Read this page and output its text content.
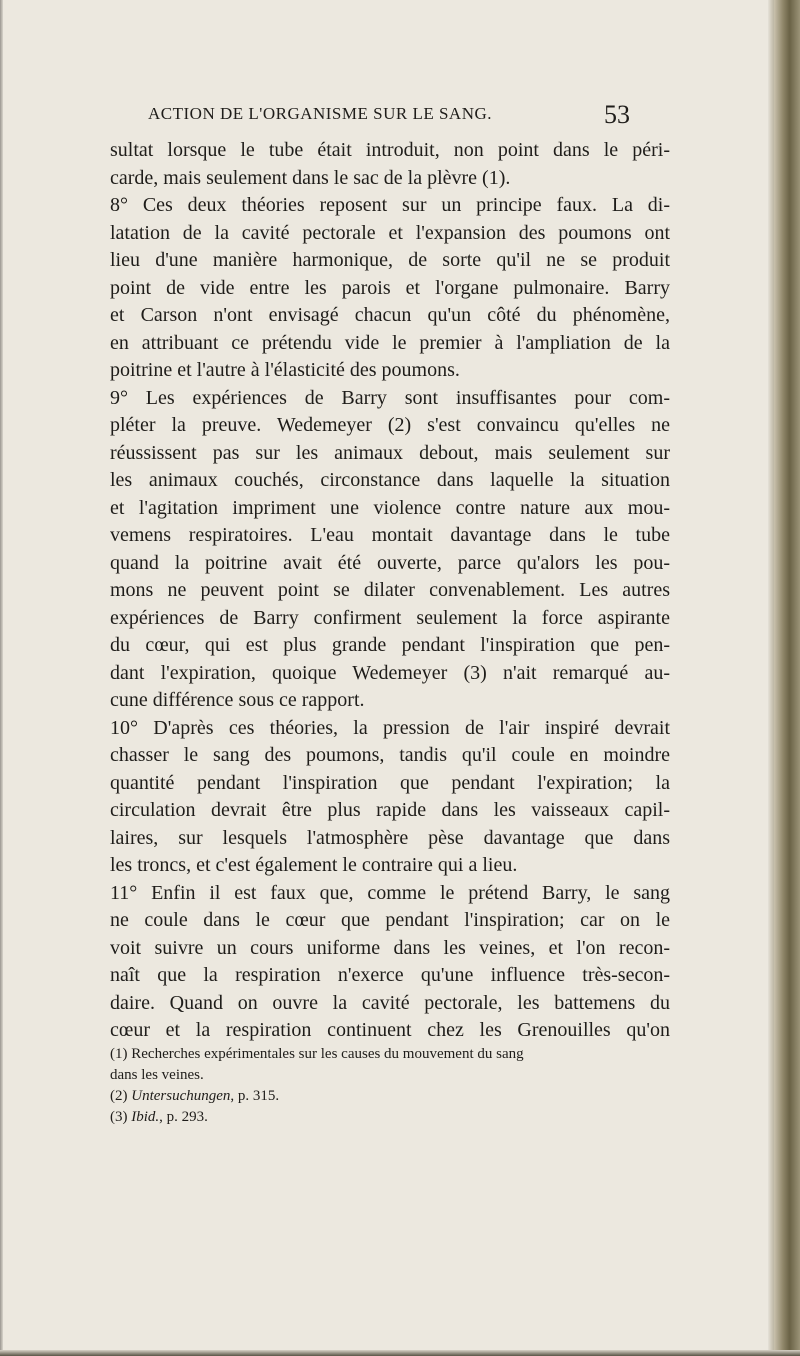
ACTION DE L'ORGANISME SUR LE SANG.	53
sultat lorsque le tube était introduit, non point dans le péri-
carde, mais seulement dans le sac de la plèvre (1).
8° Ces deux théories reposent sur un principe faux. La di-
latation de la cavité pectorale et l'expansion des poumons ont
lieu d'une manière harmonique, de sorte qu'il ne se produit
point de vide entre les parois et l'organe pulmonaire. Barry
et Carson n'ont envisagé chacun qu'un côté du phénomène,
en attribuant ce prétendu vide le premier à l'ampliation de la
poitrine et l'autre à l'élasticité des poumons.
9° Les expériences de Barry sont insuffisantes pour com-
pléter la preuve. Wedemeyer (2) s'est convaincu qu'elles ne
réussissent pas sur les animaux debout, mais seulement sur
les animaux couchés, circonstance dans laquelle la situation
et l'agitation impriment une violence contre nature aux mou-
vemens respiratoires. L'eau montait davantage dans le tube
quand la poitrine avait été ouverte, parce qu'alors les pou-
mons ne peuvent point se dilater convenablement. Les autres
expériences de Barry confirment seulement la force aspirante
du cœur, qui est plus grande pendant l'inspiration que pen-
dant l'expiration, quoique Wedemeyer (3) n'ait remarqué au-
cune différence sous ce rapport.
10° D'après ces théories, la pression de l'air inspiré devrait
chasser le sang des poumons, tandis qu'il coule en moindre
quantité pendant l'inspiration que pendant l'expiration; la
circulation devrait être plus rapide dans les vaisseaux capil-
laires, sur lesquels l'atmosphère pèse davantage que dans
les troncs, et c'est également le contraire qui a lieu.
11° Enfin il est faux que, comme le prétend Barry, le sang
ne coule dans le cœur que pendant l'inspiration; car on le
voit suivre un cours uniforme dans les veines, et l'on recon-
naît que la respiration n'exerce qu'une influence très-secon-
daire. Quand on ouvre la cavité pectorale, les battemens du
cœur et la respiration continuent chez les Grenouilles qu'on
(1) Recherches expérimentales sur les causes du mouvement du sang
dans les veines.
(2) Untersuchungen, p. 315.
(3) Ibid., p. 293.
